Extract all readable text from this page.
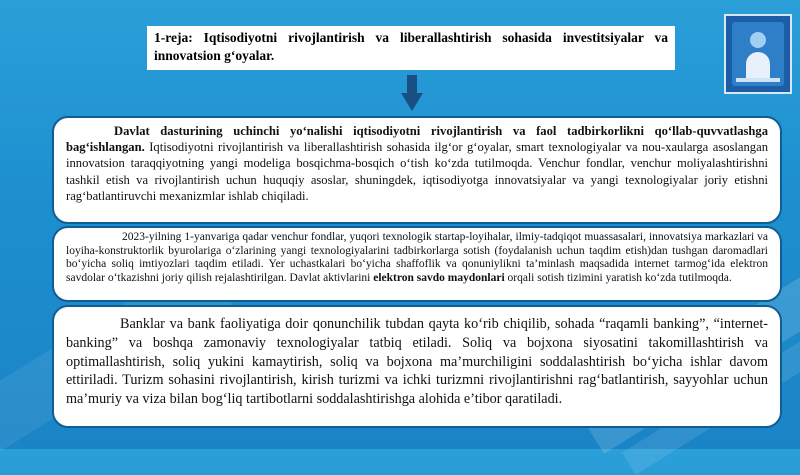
1-reja: Iqtisodiyotni rivojlantirish va liberallashtirish sohasida investitsiyalar va innovatsion g‘oyalar.
Davlat dasturining uchinchi yo‘nalishi iqtisodiyotni rivojlantirish va faol tadbirkorlikni qo‘llab-quvvatlashga bag‘ishlangan. Iqtisodiyotni rivojlantirish va liberallashtirish sohasida ilg‘or g‘oyalar, smart texnologiyalar va nou-xaularga asoslangan innovatsion taraqqiyotning yangi modeliga bosqichma-bosqich o‘tish ko‘zda tutilmoqda. Venchur fondlar, venchur moliyalashtirishni tashkil etish va rivojlantirish uchun huquqiy asoslar, shuningdek, iqtisodiyotga innovatsiyalar va yangi texnologiyalar joriy etishni rag‘batlantiruvchi mexanizmlar ishlab chiqiladi.
2023-yilning 1-yanvariga qadar venchur fondlar, yuqori texnologik startap-loyihalar, ilmiy-tadqiqot muassasalari, innovatsiya markazlari va loyiha-konstruktorlik byurolariga o‘zlarining yangi texnologiyalarini tadbirkorlarga sotish (foydalanish uchun taqdim etish)dan tushgan daromadlari bo‘yicha soliq imtiyozlari taqdim etiladi. Yer uchastkalari bo‘yicha shaffoflik va qonuniylikni ta’minlash maqsadida internet tarmog‘ida elektron savdolar o‘tkazishni joriy qilish rejalashtirilgan. Davlat aktivlarini elektron savdo maydonlari orqali sotish tizimini yaratish ko‘zda tutilmoqda.
Banklar va bank faoliyatiga doir qonunchilik tubdan qayta ko‘rib chiqilib, sohada “raqamli banking”, “internet-banking” va boshqa zamonaviy texnologiyalar tatbiq etiladi. Soliq va bojxona siyosatini takomillashtirish va optimallashtirish, soliq yukini kamaytirish, soliq va bojxona ma’murchiligini soddalashtirish bo‘yicha ishlar davom ettiriladi. Turizm sohasini rivojlantirish, kirish turizmi va ichki turizmni rivojlantirishni rag‘batlantirish, sayyohlar uchun ma’muriy va viza bilan bog‘liq tartibotlarni soddalashtirishga alohida e’tibor qaratiladi.
